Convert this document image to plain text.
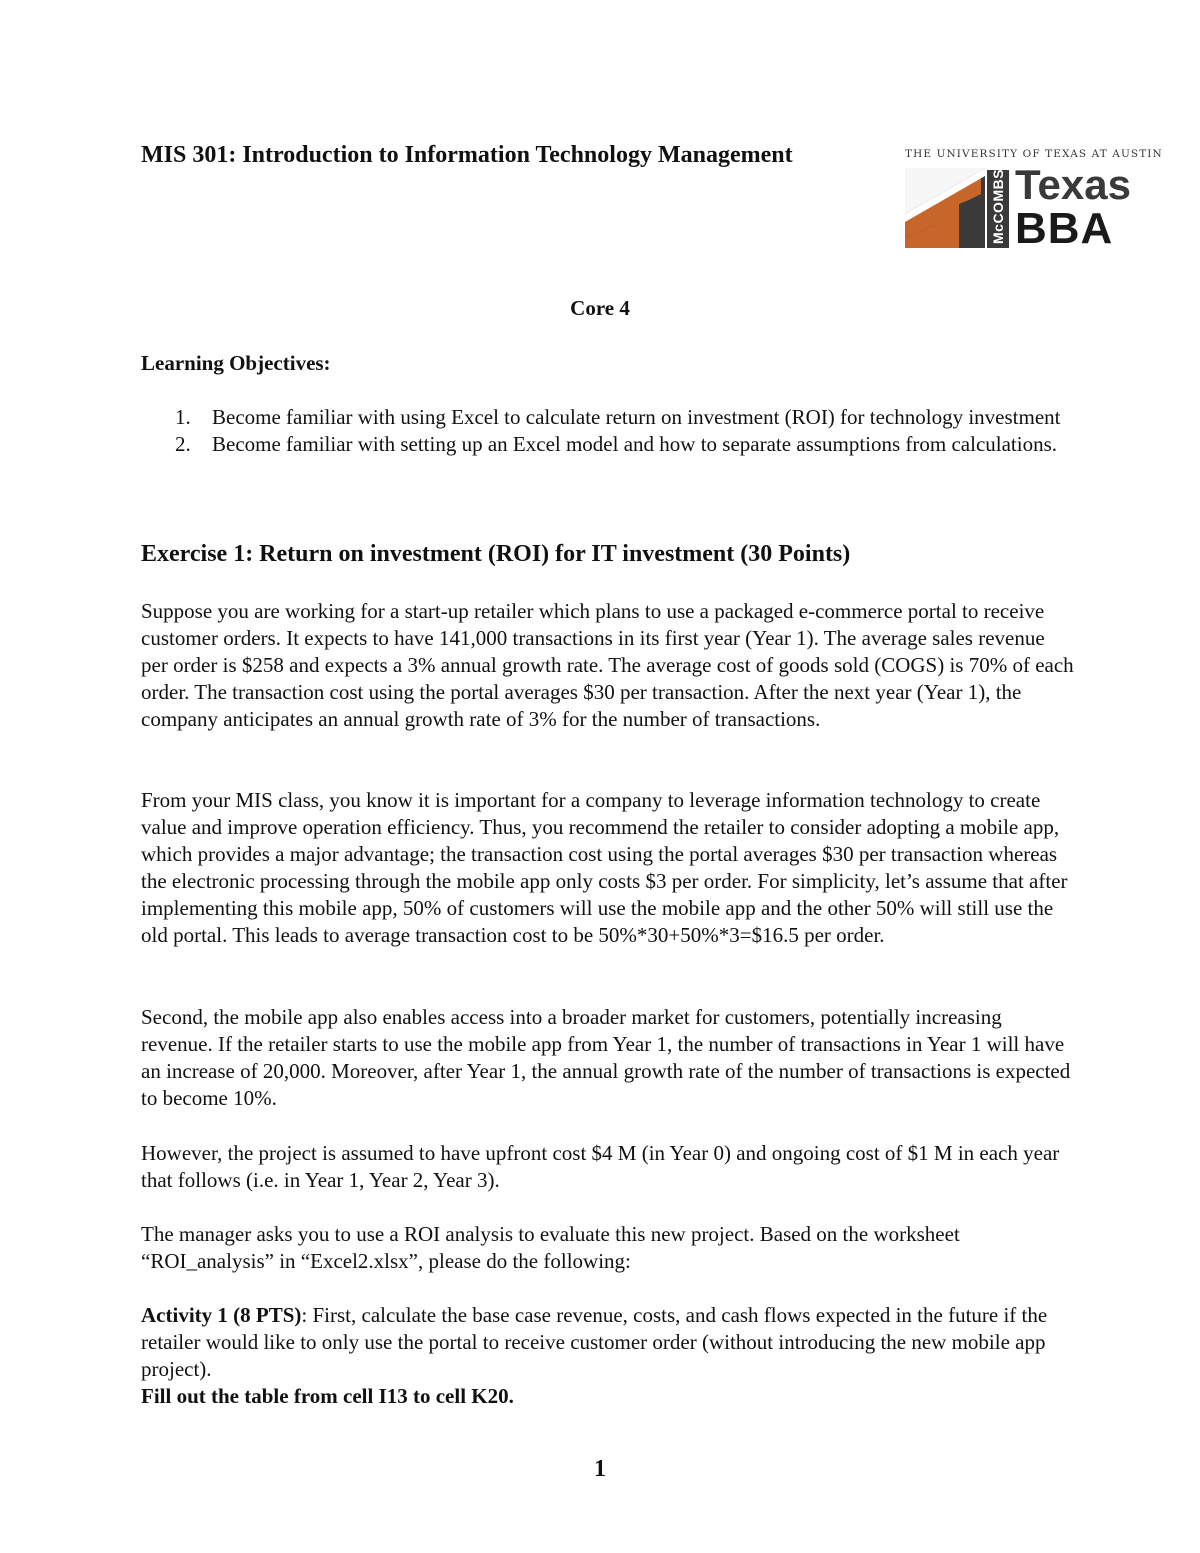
MIS 301: Introduction to Information Technology Management	THE UNIVERSITY OF TEXAS AT AUSTIN
McCOMBS Texas
BBA
Core 4
Learning Objectives:
1. Become familiar with using Excel to calculate return on investment (ROI) for technology investment
2. Become familiar with setting up an Excel model and how to separate assumptions from calculations.
Exercise 1: Return on investment (ROI) for IT investment (30 Points)

Suppose you are working for a start-up retailer which plans to use a packaged e-commerce portal to receive customer orders. It expects to have 141,000 transactions in its first year (Year 1). The average sales revenue per order is $258 and expects a 3% annual growth rate. The average cost of goods sold (COGS) is 70% of each order. The transaction cost using the portal averages $30 per transaction. After the next year (Year 1), the company anticipates an annual growth rate of 3% for the number of transactions.

From your MIS class, you know it is important for a company to leverage information technology to create value and improve operation efficiency. Thus, you recommend the retailer to consider adopting a mobile app, which provides a major advantage; the transaction cost using the portal averages $30 per transaction whereas the electronic processing through the mobile app only costs $3 per order. For simplicity, let’s assume that after implementing this mobile app, 50% of customers will use the mobile app and the other 50% will still use the old portal. This leads to average transaction cost to be 50%*30+50%*3=$16.5 per order.

Second, the mobile app also enables access into a broader market for customers, potentially increasing revenue. If the retailer starts to use the mobile app from Year 1, the number of transactions in Year 1 will have an increase of 20,000. Moreover, after Year 1, the annual growth rate of the number of transactions is expected to become 10%.

However, the project is assumed to have upfront cost $4 M (in Year 0) and ongoing cost of $1 M in each year that follows (i.e. in Year 1, Year 2, Year 3).

The manager asks you to use a ROI analysis to evaluate this new project. Based on the worksheet “ROI_analysis” in “Excel2.xlsx”, please do the following:

Activity 1 (8 PTS): First, calculate the base case revenue, costs, and cash flows expected in the future if the retailer would like to only use the portal to receive customer order (without introducing the new mobile app project).

Fill out the table from cell I13 to cell K20.
1
